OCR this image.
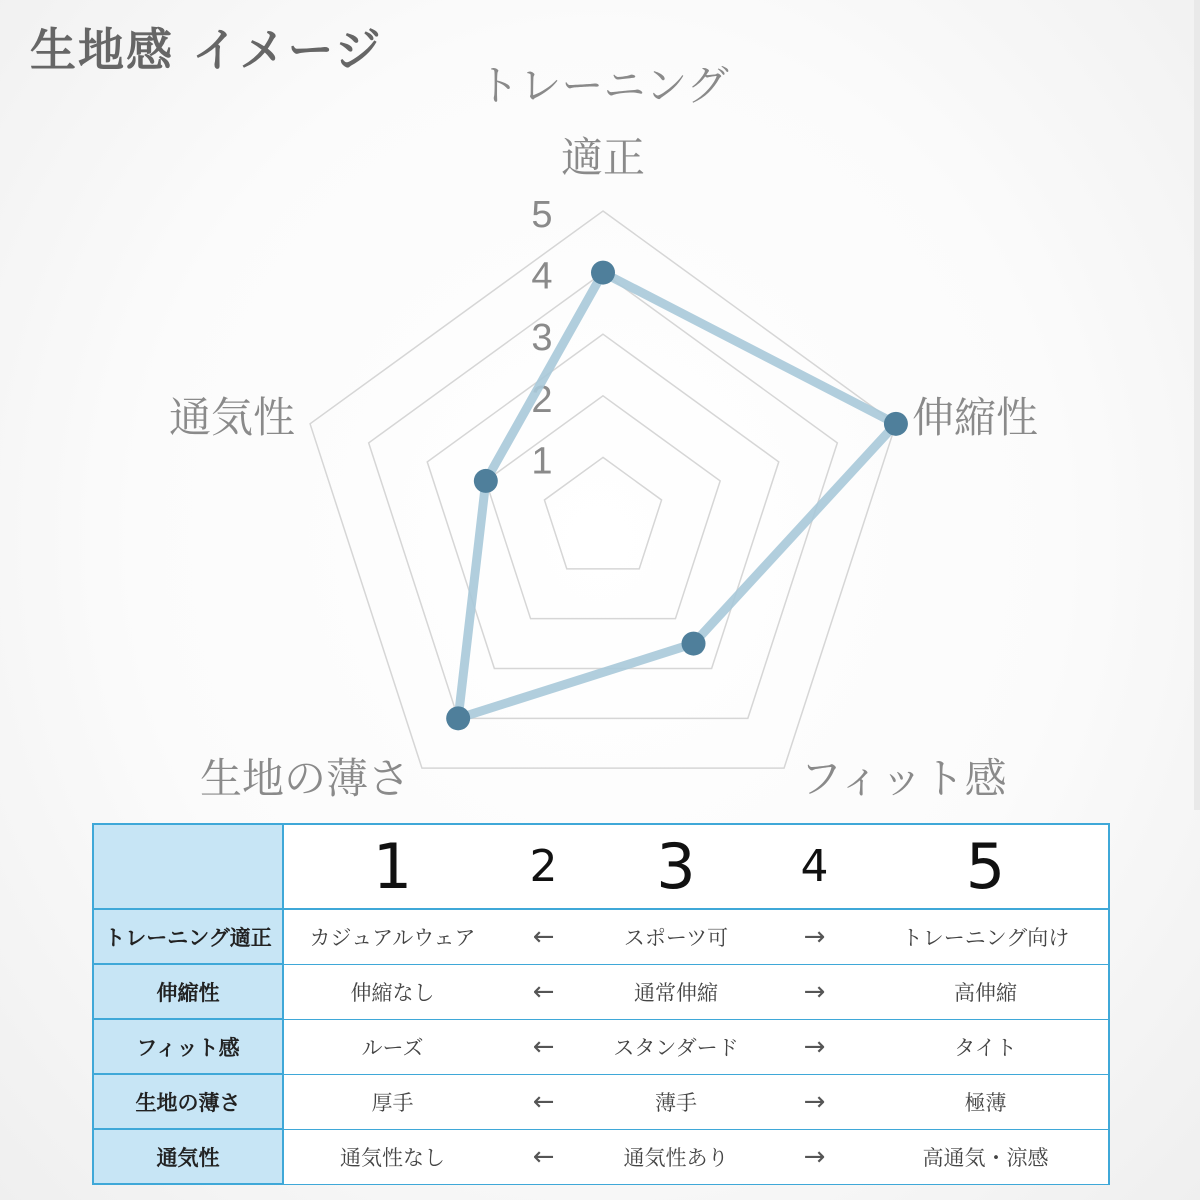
生地感 イメージ
1
2
3
4
5
トレーニング適正
伸縮性
フィット感
生地の薄さ
通気性
	1	2	3	4	5
トレーニング適正	カジュアルウェア	←	スポーツ可	→	トレーニング向け
伸縮性	伸縮なし	←	通常伸縮	→	高伸縮
フィット感	ルーズ	←	スタンダード	→	タイト
生地の薄さ	厚手	←	薄手	→	極薄
通気性	通気性なし	←	通気性あり	→	高通気・涼感
